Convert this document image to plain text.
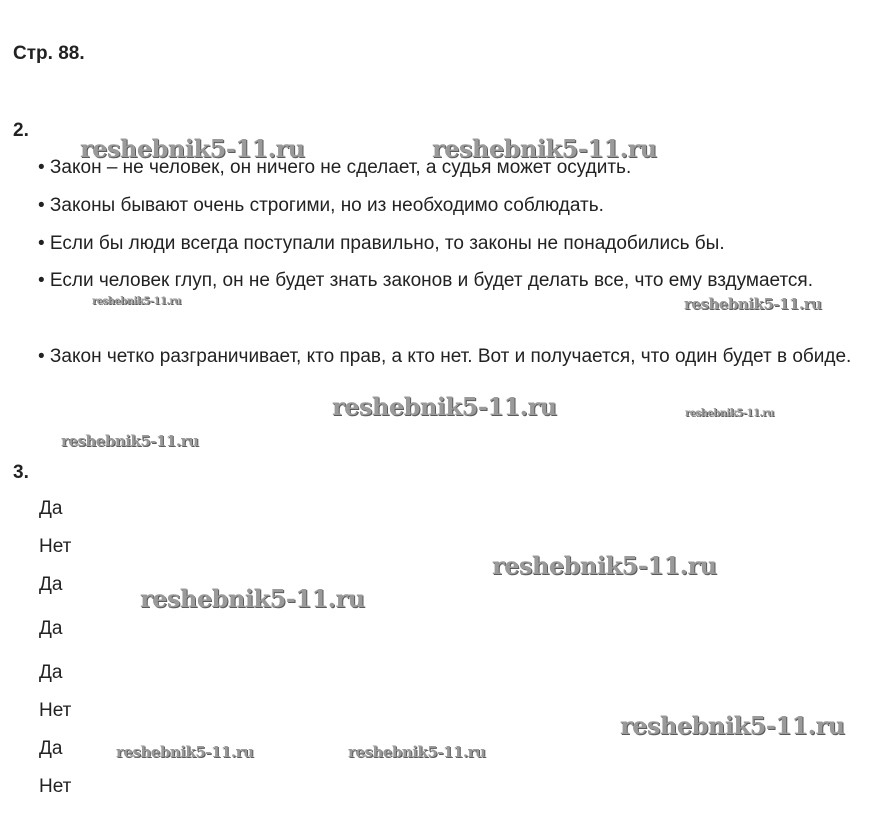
Стр. 88.
2.
• Закон – не человек, он ничего не сделает, а судья может осудить.
• Законы бывают очень строгими, но из необходимо соблюдать.
• Если бы люди всегда поступали правильно, то законы не понадобились бы.
• Если человек глуп, он не будет знать законов и будет делать все, что ему вздумается.
• Закон четко разграничивает, кто прав, а кто нет. Вот и получается, что один будет в обиде.
3.
Да
Нет
Да
Да
Да
Нет
Да
Нет
reshebnik5-11.ru	reshebnik5-11.ru
reshebnik5-11.ru	reshebnik5-11.ru
reshebnik5-11.ru	reshebnik5-11.ru
reshebnik5-11.ru
reshebnik5-11.ru
reshebnik5-11.ru
reshebnik5-11.ru
reshebnik5-11.ru	reshebnik5-11.ru
